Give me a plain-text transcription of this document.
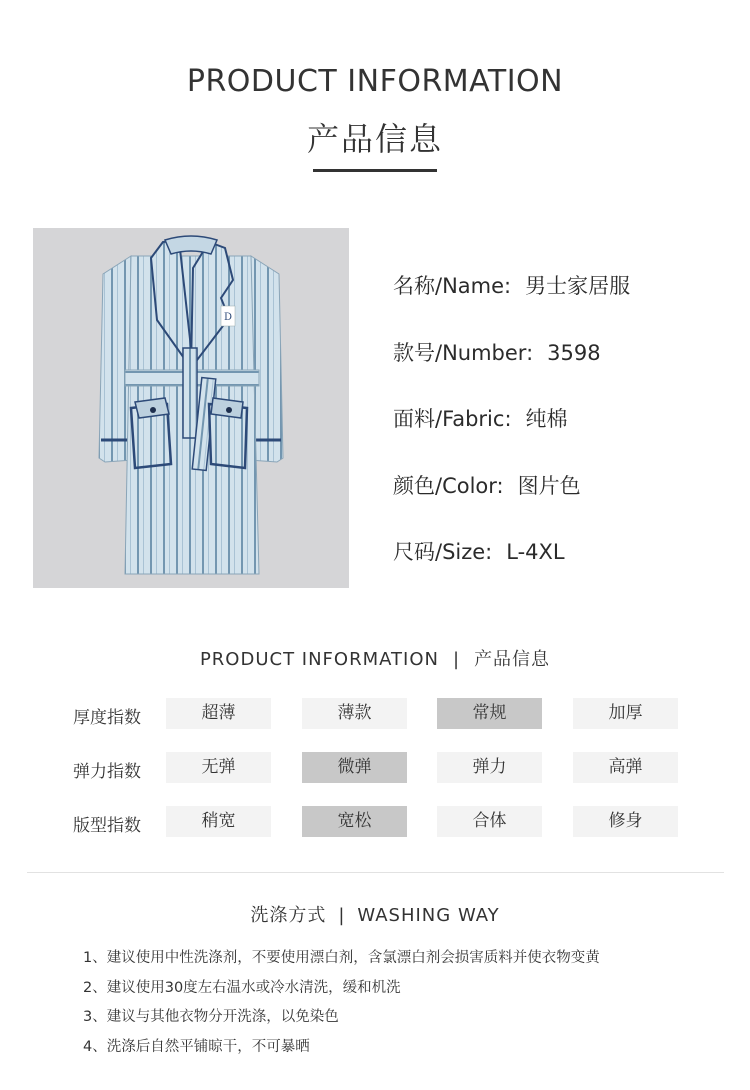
PRODUCT INFORMATION
产品信息
D
名称/Name: 男士家居服
款号/Number: 3598
面料/Fabric: 纯棉
颜色/Color: 图片色
尺码/Size: L-4XL
PRODUCT INFORMATION | 产品信息
厚度指数	超薄	薄款	常规	加厚
弹力指数	无弹	微弹	弹力	高弹
版型指数	稍宽	宽松	合体	修身
洗涤方式 | WASHING WAY
1、建议使用中性洗涤剂，不要使用漂白剂，含氯漂白剂会损害质料并使衣物变黄
2、建议使用30度左右温水或冷水清洗，缓和机洗
3、建议与其他衣物分开洗涤，以免染色
4、洗涤后自然平铺晾干，不可暴晒
